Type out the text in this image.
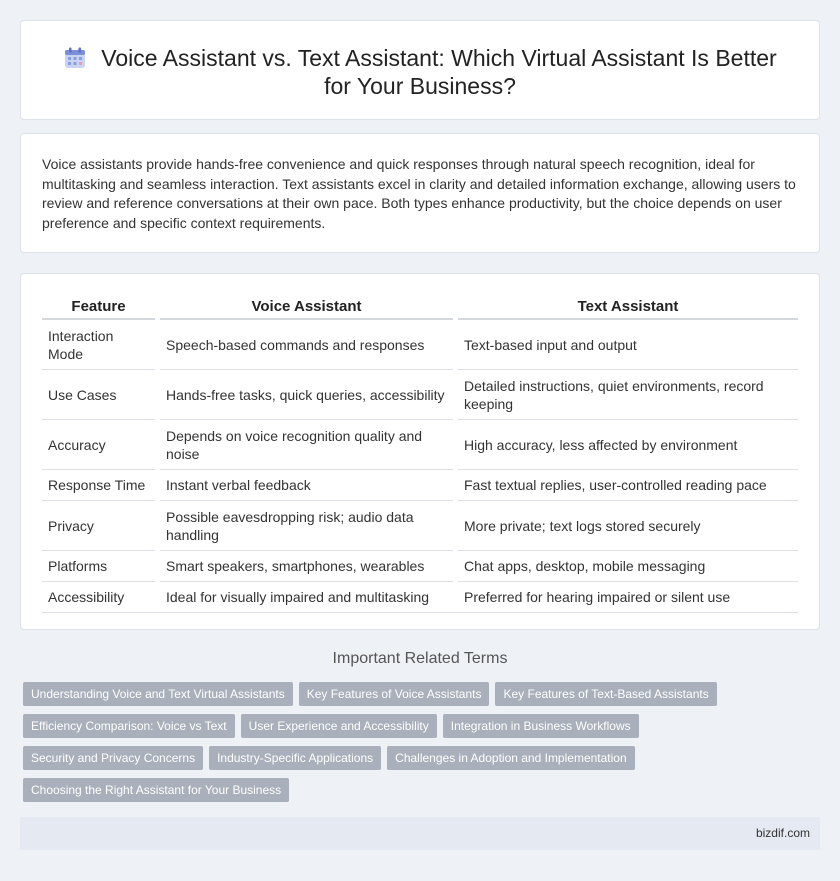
Voice Assistant vs. Text Assistant: Which Virtual Assistant Is Better for Your Business?

Voice assistants provide hands-free convenience and quick responses through natural speech recognition, ideal for multitasking and seamless interaction. Text assistants excel in clarity and detailed information exchange, allowing users to review and reference conversations at their own pace. Both types enhance productivity, but the choice depends on user preference and specific context requirements.

Feature		Voice Assistant		Text Assistant
Interaction Mode		Speech-based commands and responses		Text-based input and output
Use Cases		Hands-free tasks, quick queries, accessibility		Detailed instructions, quiet environments, record keeping
Accuracy		Depends on voice recognition quality and noise		High accuracy, less affected by environment
Response Time		Instant verbal feedback		Fast textual replies, user-controlled reading pace
Privacy		Possible eavesdropping risk; audio data handling		More private; text logs stored securely
Platforms		Smart speakers, smartphones, wearables		Chat apps, desktop, mobile messaging
Accessibility		Ideal for visually impaired and multitasking		Preferred for hearing impaired or silent use
Important Related Terms
Understanding Voice and Text Virtual Assistants Key Features of Voice Assistants Key Features of Text-Based Assistants
Efficiency Comparison: Voice vs Text User Experience and Accessibility Integration in Business Workflows
Security and Privacy Concerns Industry-Specific Applications Challenges in Adoption and Implementation
Choosing the Right Assistant for Your Business
bizdif.com
